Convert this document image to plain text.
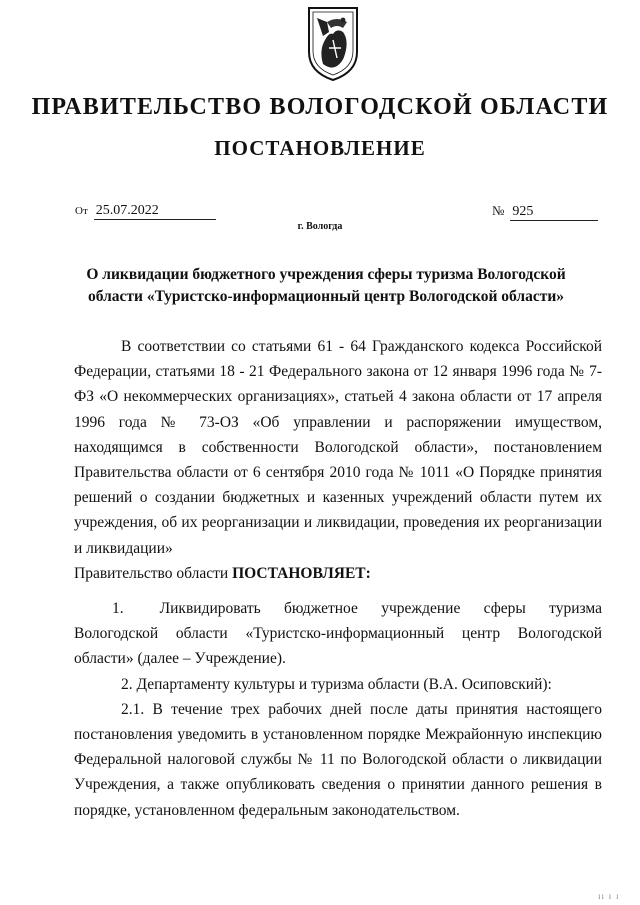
ПРАВИТЕЛЬСТВО ВОЛОГОДСКОЙ ОБЛАСТИ
ПОСТАНОВЛЕНИЕ
От 25.07.2022	№ 925
г. Вологда
О ликвидации бюджетного учреждения сферы туризма Вологодской области «Туристско-информационный центр Вологодской области»

В соответствии со статьями 61 - 64 Гражданского кодекса Российской Федерации, статьями 18 - 21 Федерального закона от 12 января 1996 года № 7-ФЗ «О некоммерческих организациях», статьей 4 закона области от 17 апреля 1996 года № 73-ОЗ «Об управлении и распоряжении имуществом, находящимся в собственности Вологодской области», постановлением Правительства области от 6 сентября 2010 года № 1011 «О Порядке принятия решений о создании бюджетных и казенных учреждений области путем их учреждения, об их реорганизации и ликвидации, проведения их реорганизации и ликвидации»

Правительство области ПОСТАНОВЛЯЕТ:

1. Ликвидировать бюджетное учреждение сферы туризма Вологодской области «Туристско-информационный центр Вологодской области» (далее – Учреждение).

2. Департаменту культуры и туризма области (В.А. Осиповский):

2.1. В течение трех рабочих дней после даты принятия настоящего постановления уведомить в установленном порядке Межрайонную инспекцию Федеральной налоговой службы № 11 по Вологодской области о ликвидации Учреждения, а также опубликовать сведения о принятии данного решения в порядке, установленном федеральным законодательством.

ll l l
